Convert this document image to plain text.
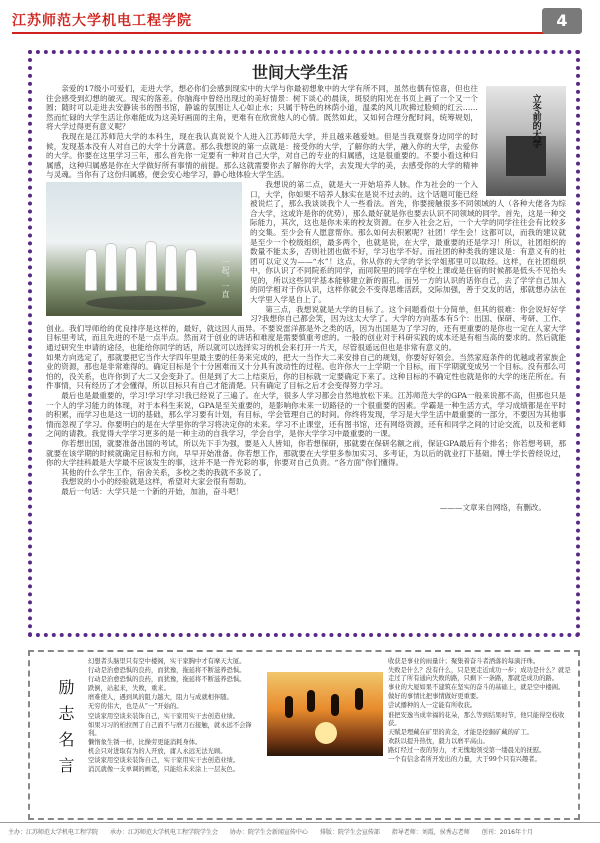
江苏师范大学机电工程学院	4
世间大学生活
立冬前的大学

亲爱的17级小可爱们，走进大学，想必你们会感到现实中的大学与你最初想象中的大学有所不同，虽然也偶有惊喜，但也往往会感受到幻想的破灭。现实的落差。你脑海中曾经出现过的美好情景：树下谈心的晨读，斑驳的阳光在书页上画了一个又一个圆；随时可以走进去安静读书的图书馆，静谧的氛围让人心如止水；只属于特色的林荫小道，温柔的风儿吹拂过脸颊的红云……然而忙碌的大学生活让你难能成为这美好画面的主角，更难有在欣赏他人的心情。既然如此，又如何合理分配时间，统筹规划，将大学过得更有意义呢？

我现在是江苏师范大学的本科生，现在我认真说说个人进入江苏师范大学，并且越来越爱她。但是当我观察身边同学的时候，发现基本没有人对自己的大学十分满意。那么我想说的第一点就是：接受你的大学，了解你的大学，融入你的大学，去爱你的大学。你要在这里学习三年，那么首先你一定要有一种对自己大学，对自己的专业的归属感，这是很重要的。不要小看这种归属感，这种归属感是你在大学做好所有事情的前提。那么这就需要你去了解你的大学，去发现大学的美，去感受你的大学的精神与灵魂。当你有了这份归属感，便会安心地学习，静心地体验大学生活。

一起，一直

我想说的第二点，就是大一开始培养人脉。作为社会的一个入口，大学，你如果不培养人脉实在是说不过去的。这个话题可能已经被说烂了，那么我谈谈我个人一些看法。首先，你要接触很多不同领域的人（各种大佬各为综合大学，这或许是你的优势），那么最好就是你也要去认识不同领域的同学。首先，这是一种交际能力，其次，这也是你未来的校友资源。在步入社会之后，一个大学的同学往往会有比较多的交集。至少会有人愿意帮你。那么如何去积累呢？社团！学生会！这都可以，而我的建议就是至少一个校级组织，最多两个，也就是说，在大学，最重要的还是学习！所以，社团组织的数量不能太多，否则社团也做不好，学习也学不好。而社团的种类我的建议是：有意义有的社团可以定义为——“水”！这点，你从你的大学的学长学姐那里可以取经。这样，在社团组织中，你认识了不同院系的同学，而同院里的同学在学校上课或是住宿的时候都是低头不见抬头见的，所以这些同学基本能够建立新的面孔。而另一方的认识的话你自己，去了学学自己加入的同学相对于你认识，这样你就会不变得思维活跃，交际加强，善于交友的话，那就想办法在大学里入学是自上了。

第三点，我想说就是大学的目标了。这个问题看似十分简单，但其的很难：你会说好好学习?我想你自己都会笑，因为这太大学了。大学的方向基本有5个：出国、保研、考研、工作、创业。我们导师给的优良排序是这样的，最好，就这因人而异。不要说雷洋都是外之类的话，因为出国是为了学习的，还有更重要的是你也一定在人家大学目标里考试，而且先进的不是一点半点。然而对于创业的讲话和难度是需要慎重考虑的。一般的创业对于科研实践的成本还是有相当高的要求的。然后就能通过研究生申请的途径，也能给你同学的话，所以就可以选择实习的机会来打开一片天，尽管很遥远但也是非常有意义的。

如果方向选定了，那就要把它当作大学四年里最主要的任务来完成的，把大一当作大二来安排自己的规划，你要好好领会。当然家庭条件的优越或者家族企业的资源，那也是非常难得的。确定目标是个十分困难而又十分具有波动性的过程。也许你大一上学期一个目标，而下学期就变成另一个目标。没有那么可怕的，没关系，也许你到了大二又会变卦了。但是到了大二上结束后，你的目标就一定要确定下来了。这种目标的不确定性也就是你的大学的迷茫所在。有件事情，只有经历了才会懂得，所以目标只有自己才能清楚。只有确定了目标之后才会变得努力学习。

最后也是最重要的，学习!学习!学习!我已经说了三遍了。在大学，很多人学习都会自然地放松下来。江苏师范大学的GPA一般来说都不高，但那也只是一个人的学习能力的体现，对于本科生来说，GPA是至关重要的，是影响你未来一切路径的一个很重要的因素。学霸是一种生活方式，学习成绩都是在平时的积累，而学习也是这一切的基础，那么学习要有计划，有目标，学会管理自己的时间。你终将发现，学习是大学生活中最重要的一部分，不要因为其他事情而忽视了学习。你要明白的是在大学里你的学习将决定你的未来。学习不止课堂，还有图书馆，还有网络资源，还有和同学之间的讨论交流，以及和老师之间的请教。我觉得大学学习更多的是一种主动的自我学习，学会自学，是你大学学习中最重要的一课。

你若想出国，就要准备出国的考试，所以先下手为强，要是入人皆知，你若想保研，那就要在保研名额之前，保证GPA最后有个排名；你若想考研，那就要在该学期的时候就确定目标和方向，早早开始准备。你若想工作，那就要在大学里多参加实习、多考证，为以后的就业打下基础。博士学长曾经说过，你的大学挂科最是大学最不应该发生的事，这并不是一件光彩的事，你要对自己负责。“各方面”你们懂得。

其他的什么学生工作，宿舍关系，多校之类的我就不多说了。

我想说的小小的经验就是这样，希望对大家会很有帮助。

最后一句话：大学只是一个新的开始，加油，奋斗吧！

———文章来自网络，有删改。
励志名言

幻想者头脑里只有空中楼阁，实干家胸中才有摩天大厦。

行动是治愈恐惧的良药，而犹豫，拖延将不断滋养恐惧。

行动是治愈恐惧的良药，而犹豫，拖延将不断滋养恐惧。

跌倒，站起来，失败，重来。

磨难使人，遇到风的阻力越大，阻力与成就相伴随。

无穷的伟大，也是从“一”开始的。

空谈家用空谈来装饰自己，实干家用实干去创造业绩。

如果习习的柏拉图了自己面不与磨刀石接触，就永远不会锋利。

懒惰象生锈一样，比操劳更能消耗身体。

机会只对进取有为的人开放，庸人永远无法光顾。

空谈家用空谈来装饰自己，实干家用实干去创造业绩。

消沉就像一支单调的画笔，只能给未来涂上一层灰色。

收获是事业的雨量计；聚集着奋斗者洒落的每滴汗珠。

失败是什么？没有什么，只是更走近成功一步；成功是什么？就是走过了所有通向失败的路，只剩下一条路，那就是成功的路。

事业的大厦如果不建筑在坚实的奋斗的基础上，就是空中楼阁。

做好的事情比把事情做好更重要。

尝试播种的人一定能有所收获。

谁把安逸当成幸福的花朵，那么等到结果时节，他只能得空枝收获。

天赋是埋藏在矿里的黄金，才能是挖掘矿藏的矿工。

欢跃以提升热忱，毅力以磨平高山。

路灯经过一夜的努力，才无愧地领受第一缕晨光的抚慰。

一个有信念者所开发出的力量，大于99个只有兴趣者。

主办：江苏师范大学机电工程学院 承办：江苏师范大学机电工程学院学生会 协办：院学生会新闻宣传中心 排版：院学生会宣传部 指导老师：刘霞，侯秀志老师 创刊：2016年十月
